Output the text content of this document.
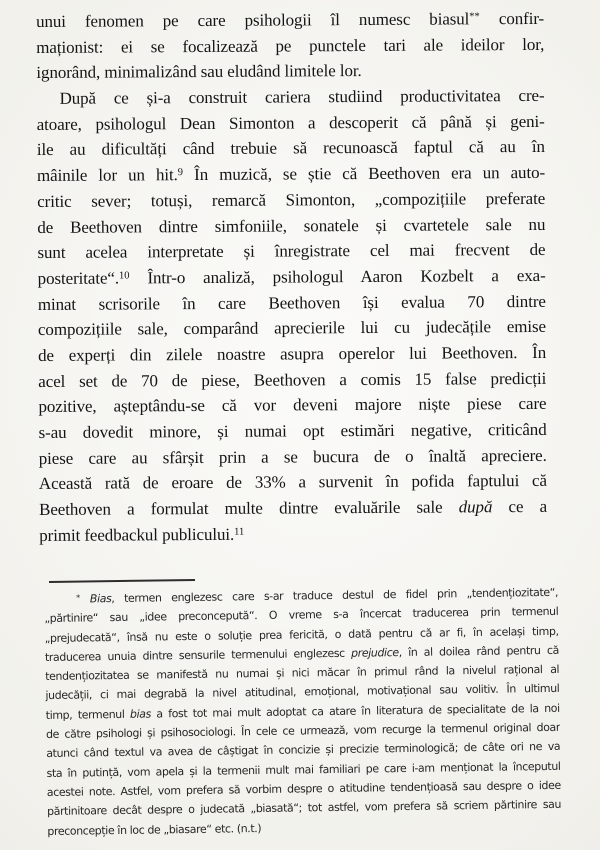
unui fenomen pe care psihologii îl numesc biasul** confir-
maționist: ei se focalizează pe punctele tari ale ideilor lor,
ignorând, minimalizând sau eludând limitele lor.
După ce și-a construit cariera studiind productivitatea cre-
atoare, psihologul Dean Simonton a descoperit că până și geni-
ile au dificultăți când trebuie să recunoască faptul că au în
mâinile lor un hit.$^9$ În muzică, se știe că Beethoven era un auto-
critic sever; totuși, remarcă Simonton, „compozițiile preferate
de Beethoven dintre simfoniile, sonatele și cvartetele sale nu
sunt acelea interpretate și înregistrate cel mai frecvent de
posteritate“.$^{10}$ Într-o analiză, psihologul Aaron Kozbelt a exa-
minat scrisorile în care Beethoven își evalua 70 dintre
compozițiile sale, comparând aprecierile lui cu judecățile emise
de experți din zilele noastre asupra operelor lui Beethoven. În
acel set de 70 de piese, Beethoven a comis 15 false predicții
pozitive, așteptându-se că vor deveni majore niște piese care
s-au dovedit minore, și numai opt estimări negative, criticând
piese care au sfârșit prin a se bucura de o înaltă apreciere.
Această rată de eroare de 33% a survenit în pofida faptului că
Beethoven a formulat multe dintre evaluările sale după ce a
primit feedbackul publicului.$^{11}$
* Bias, termen englezesc care s-ar traduce destul de fidel prin „tendențiozitate“,
„părtinire“ sau „idee preconcepută“. O vreme s-a încercat traducerea prin termenul
„prejudecată“, însă nu este o soluție prea fericită, o dată pentru că ar fi, în același timp,
traducerea unuia dintre sensurile termenului englezesc prejudice, în al doilea rând pentru că
tendențiozitatea se manifestă nu numai și nici măcar în primul rând la nivelul rațional al
judecății, ci mai degrabă la nivel atitudinal, emoțional, motivațional sau volitiv. În ultimul
timp, termenul bias a fost tot mai mult adoptat ca atare în literatura de specialitate de la noi
de către psihologi și psihosociologi. În cele ce urmează, vom recurge la termenul original doar
atunci când textul va avea de câștigat în concizie și precizie terminologică; de câte ori ne va
sta în putință, vom apela și la termenii mult mai familiari pe care i-am menționat la începutul
acestei note. Astfel, vom prefera să vorbim despre o atitudine tendențioasă sau despre o idee
părtinitoare decât despre o judecată „biasată“; tot astfel, vom prefera să scriem părtinire sau
preconcepție în loc de „biasare“ etc. (n.t.)
